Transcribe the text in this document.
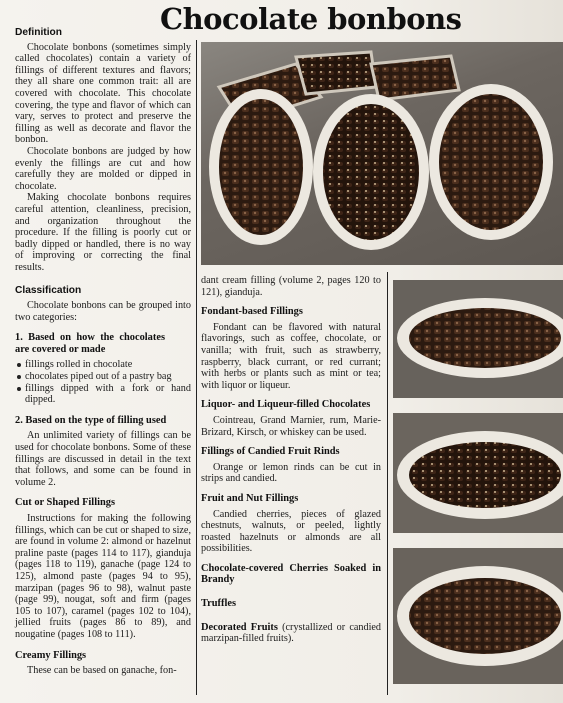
Chocolate bonbons

Definition

Chocolate bonbons (sometimes simply called chocolates) contain a variety of fillings of different textures and flavors; they all share one common trait: all are covered with chocolate. This chocolate covering, the type and flavor of which can vary, serves to protect and preserve the filling as well as decorate and flavor the bonbon.

Chocolate bonbons are judged by how evenly the fillings are cut and how carefully they are molded or dipped in chocolate.

Making chocolate bonbons requires careful attention, cleanliness, precision, and organization throughout the procedure. If the filling is poorly cut or badly dipped or handled, there is no way of improving or correcting the final results.

Classification

Chocolate bonbons can be grouped into two categories:

1. Based on how the chocolates are covered or made

fillings rolled in chocolate
chocolates piped out of a pastry bag
fillings dipped with a fork or hand dipped.

2. Based on the type of filling used

An unlimited variety of fillings can be used for chocolate bonbons. Some of these fillings are discussed in detail in the text that follows, and some can be found in volume 2.

Cut or Shaped Fillings

Instructions for making the following fillings, which can be cut or shaped to size, are found in volume 2: almond or hazelnut praline paste (pages 114 to 117), gianduja (pages 118 to 119), ganache (page 124 to 125), almond paste (pages 94 to 95), marzipan (pages 96 to 98), walnut paste (page 99), nougat, soft and firm (pages 105 to 107), caramel (pages 102 to 104), jellied fruits (pages 86 to 89), and nougatine (pages 108 to 111).

Creamy Fillings

These can be based on ganache, fon-

dant cream filling (volume 2, pages 120 to 121), gianduja.

Fondant-based Fillings

Fondant can be flavored with natural flavorings, such as coffee, chocolate, or vanilla; with fruit, such as strawberry, raspberry, black currant, or red currant; with herbs or plants such as mint or tea; with liquor or liqueur.

Liquor- and Liqueur-filled Chocolates

Cointreau, Grand Marnier, rum, Marie-Brizard, Kirsch, or whiskey can be used.

Fillings of Candied Fruit Rinds

Orange or lemon rinds can be cut in strips and candied.

Fruit and Nut Fillings

Candied cherries, pieces of glazed chestnuts, walnuts, or peeled, lightly roasted hazelnuts or almonds are all possibilities.

Chocolate-covered Cherries Soaked in Brandy

Truffles

Decorated Fruits (crystallized or candied marzipan-filled fruits).
